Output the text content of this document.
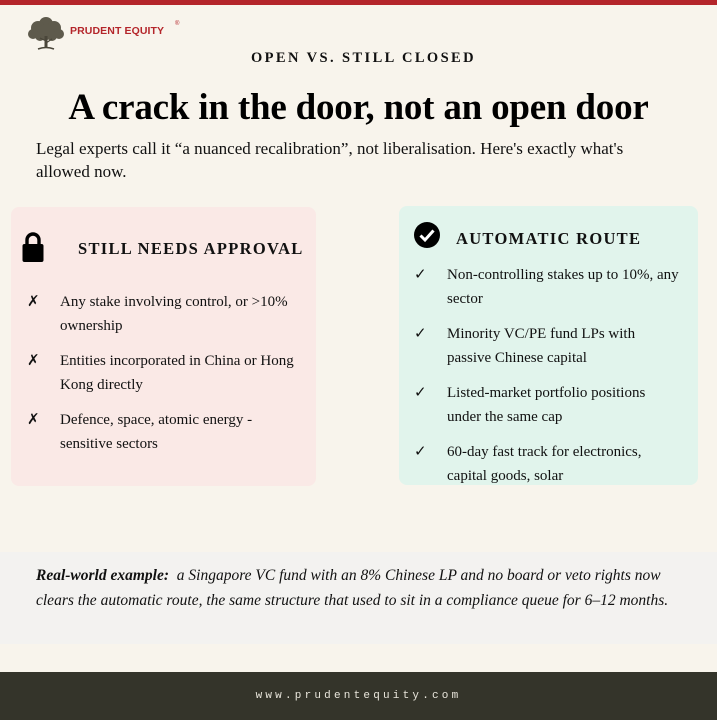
PRUDENT EQUITY
®
OPEN VS. STILL CLOSED
A crack in the door, not an open door
Legal experts call it “a nuanced recalibration”, not liberalisation. Here's exactly what's allowed now.
STILL NEEDS APPROVAL
✗ Any stake involving control, or >10% ownership
✗ Entities incorporated in China or Hong Kong directly
✗ Defence, space, atomic energy - sensitive sectors
AUTOMATIC ROUTE
✓ Non-controlling stakes up to 10%, any sector
✓ Minority VC/PE fund LPs with passive Chinese capital
✓ Listed-market portfolio positions under the same cap
✓ 60-day fast track for electronics, capital goods, solar
Real-world example: a Singapore VC fund with an 8% Chinese LP and no board or veto rights now clears the automatic route, the same structure that used to sit in a compliance queue for 6–12 months.
www.prudentequity.com
